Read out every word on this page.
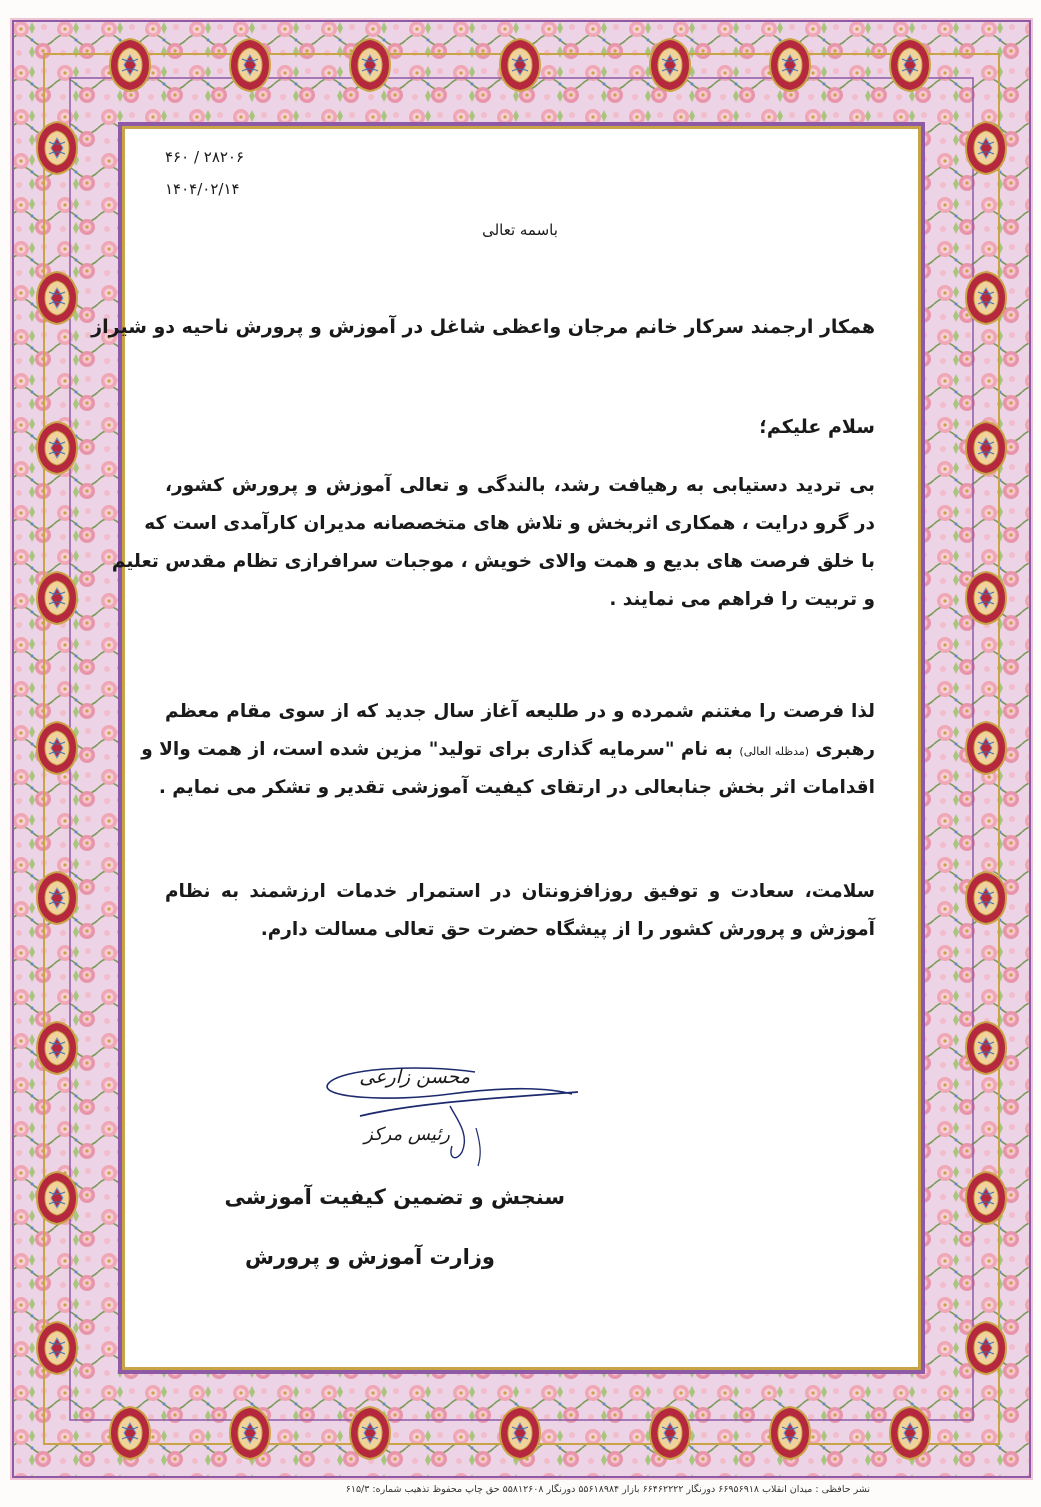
۴۶۰ / ۲۸۲۰۶
۱۴۰۴/۰۲/۱۴
باسمه تعالی
همکار ارجمند سرکار خانم مرجان واعظی شاغل در آموزش و پرورش ناحیه دو شیراز
سلام علیکم؛
بی تردید دستیابی به رهیافت رشد، بالندگی و تعالی آموزش و پرورش کشور،
در گرو درایت ، همکاری اثربخش و تلاش های متخصصانه مدیران کارآمدی است که
با خلق فرصت های بدیع و همت والای خویش ، موجبات سرافرازی تظام مقدس تعلیم
و تربیت را فراهم می نمایند .
لذا فرصت را مغتنم شمرده و در طلیعه آغاز سال جدید که از سوی مقام معظم
رهبری (مدظله العالی) به نام "سرمایه گذاری برای تولید" مزین شده است، از همت والا و
اقدامات اثر بخش جنابعالی در ارتقای کیفیت آموزشی تقدیر و تشکر می نمایم .
سلامت، سعادت و توفیق روزافزونتان در استمرار خدمات ارزشمند به نظام
آموزش و پرورش کشور را از پیشگاه حضرت حق تعالی مسالت دارم.
محسن زارعی
رئیس مرکز
سنجش و تضمین کیفیت آموزشی
وزارت آموزش و پرورش
نشر حافظی : میدان انقلاب ۶۶۹۵۶۹۱۸ دورنگار ۶۶۴۶۲۲۲۲ بازار ۵۵۶۱۸۹۸۴ دورنگار ۵۵۸۱۲۶۰۸ حق چاپ محفوظ تذهیب شماره: ۶۱۵/۳
